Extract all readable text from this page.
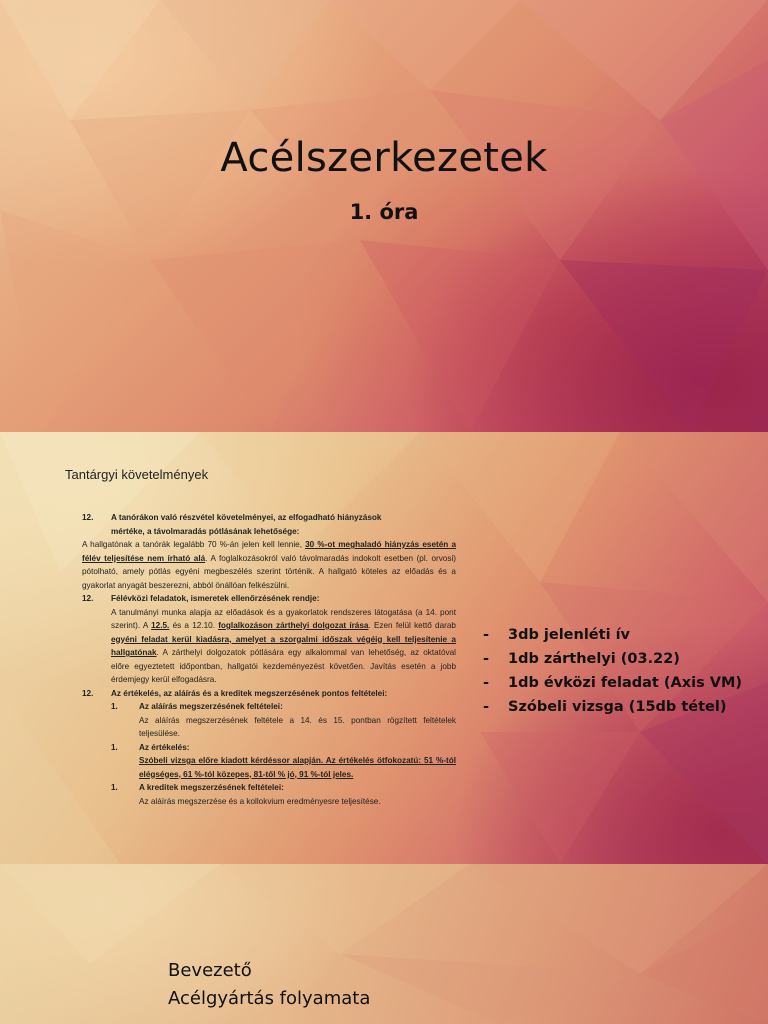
Acélszerkezetek
1. óra
Tantárgyi követelmények
12.	A tanórákon való részvétel követelményei, az elfogadható hiányzások

mértéke, a távolmaradás pótlásának lehetősége:

A hallgatónak a tanórák legalább 70 %-án jelen kell lennie, 30 %-ot meghaladó hiányzás esetén a félév teljesítése nem írható alá. A foglalkozásokról való távolmaradás indokolt esetben (pl. orvosi) pótolható, amely pótlás egyéni megbeszélés szerint történik. A hallgató köteles az előadás és a gyakorlat anyagát beszerezni, abból önállóan felkészülni.

12.	Félévközi feladatok, ismeretek ellenőrzésének rendje:

A tanulmányi munka alapja az előadások és a gyakorlatok rendszeres látogatása (a 14. pont szerint). A 12.5. és a 12.10. foglalkozáson zárthelyi dolgozat írása. Ezen felül kettő darab egyéni feladat kerül kiadásra, amelyet a szorgalmi időszak végéig kell teljesítenie a hallgatónak. A zárthelyi dolgozatok pótlására egy alkalommal van lehetőség, az oktatóval előre egyeztetett időpontban, hallgatói kezdeményezést követően. Javítás esetén a jobb érdemjegy kerül elfogadásra.

12.	Az értékelés, az aláírás és a kreditek megszerzésének pontos feltételei:
1.	Az aláírás megszerzésének feltételei:

Az aláírás megszerzésének feltétele a 14. és 15. pontban rögzített feltételek teljesülése.

1.	Az értékelés:

Szóbeli vizsga előre kiadott kérdéssor alapján. Az értékelés ötfokozatú: 51 %-tól elégséges, 61 %-tól közepes, 81-től % jó, 91 %-tól jeles.

1.	A kreditek megszerzésének feltételei:

Az aláírás megszerzése és a kollokvium eredményesre teljesítése.

-	3db jelenléti ív
-	1db zárthelyi (03.22)
-	1db évközi feladat (Axis VM)
-	Szóbeli vizsga (15db tétel)
Bevezető
Acélgyártás folyamata
